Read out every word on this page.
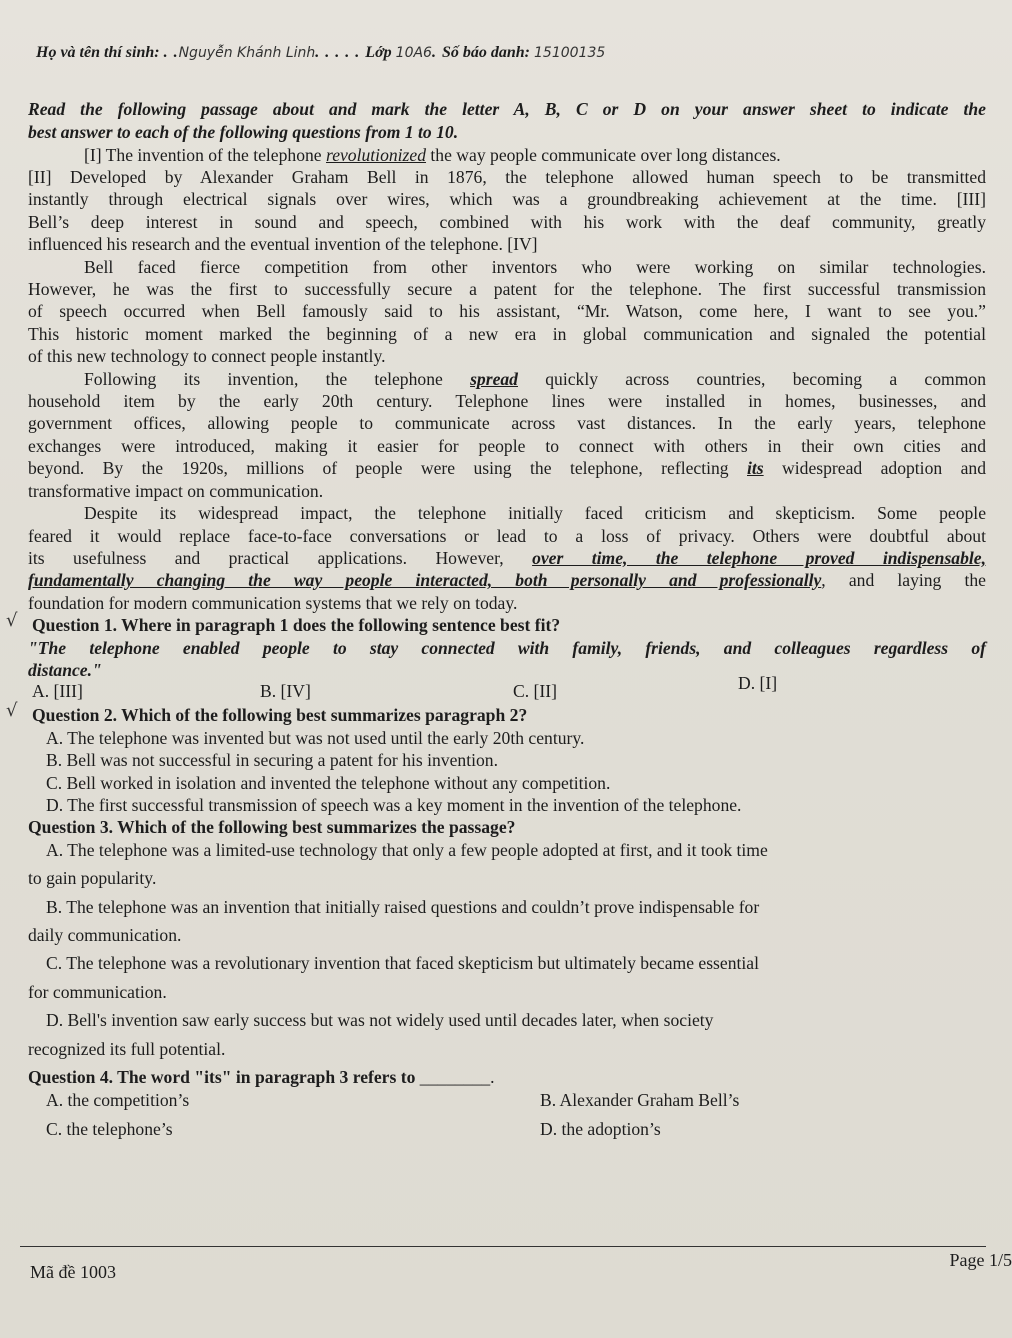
Họ và tên thí sinh: . .Nguyễn Khánh Linh. . . . . Lớp 10A6. Số báo danh: 15100135
Read the following passage about and mark the letter A, B, C or D on your answer sheet to indicate the
best answer to each of the following questions from 1 to 10.
[I] The invention of the telephone revolutionized the way people communicate over long distances.
[II] Developed by Alexander Graham Bell in 1876, the telephone allowed human speech to be transmitted
instantly through electrical signals over wires, which was a groundbreaking achievement at the time. [III]
Bell’s deep interest in sound and speech, combined with his work with the deaf community, greatly
influenced his research and the eventual invention of the telephone. [IV]
Bell faced fierce competition from other inventors who were working on similar technologies.
However, he was the first to successfully secure a patent for the telephone. The first successful transmission
of speech occurred when Bell famously said to his assistant, “Mr. Watson, come here, I want to see you.”
This historic moment marked the beginning of a new era in global communication and signaled the potential
of this new technology to connect people instantly.
Following its invention, the telephone spread quickly across countries, becoming a common
household item by the early 20th century. Telephone lines were installed in homes, businesses, and
government offices, allowing people to communicate across vast distances. In the early years, telephone
exchanges were introduced, making it easier for people to connect with others in their own cities and
beyond. By the 1920s, millions of people were using the telephone, reflecting its widespread adoption and
transformative impact on communication.
Despite its widespread impact, the telephone initially faced criticism and skepticism. Some people
feared it would replace face-to-face conversations or lead to a loss of privacy. Others were doubtful about
its usefulness and practical applications. However, over time, the telephone proved indispensable,
fundamentally changing the way people interacted, both personally and professionally, and laying the
foundation for modern communication systems that we rely on today.
√ Question 1. Where in paragraph 1 does the following sentence best fit?
"The telephone enabled people to stay connected with family, friends, and colleagues regardless of
distance."
A. [III]	B. [IV]	C. [II]	D. [I]
√ Question 2. Which of the following best summarizes paragraph 2?
A. The telephone was invented but was not used until the early 20th century.
B. Bell was not successful in securing a patent for his invention.
C. Bell worked in isolation and invented the telephone without any competition.
D. The first successful transmission of speech was a key moment in the invention of the telephone.
Question 3. Which of the following best summarizes the passage?
A. The telephone was a limited-use technology that only a few people adopted at first, and it took time
to gain popularity.
B. The telephone was an invention that initially raised questions and couldn’t prove indispensable for
daily communication.
C. The telephone was a revolutionary invention that faced skepticism but ultimately became essential
for communication.
D. Bell's invention saw early success but was not widely used until decades later, when society
recognized its full potential.
Question 4. The word "its" in paragraph 3 refers to ________.
A. the competition’s	B. Alexander Graham Bell’s
C. the telephone’s	D. the adoption’s
Mã đề 1003
Page 1/5
